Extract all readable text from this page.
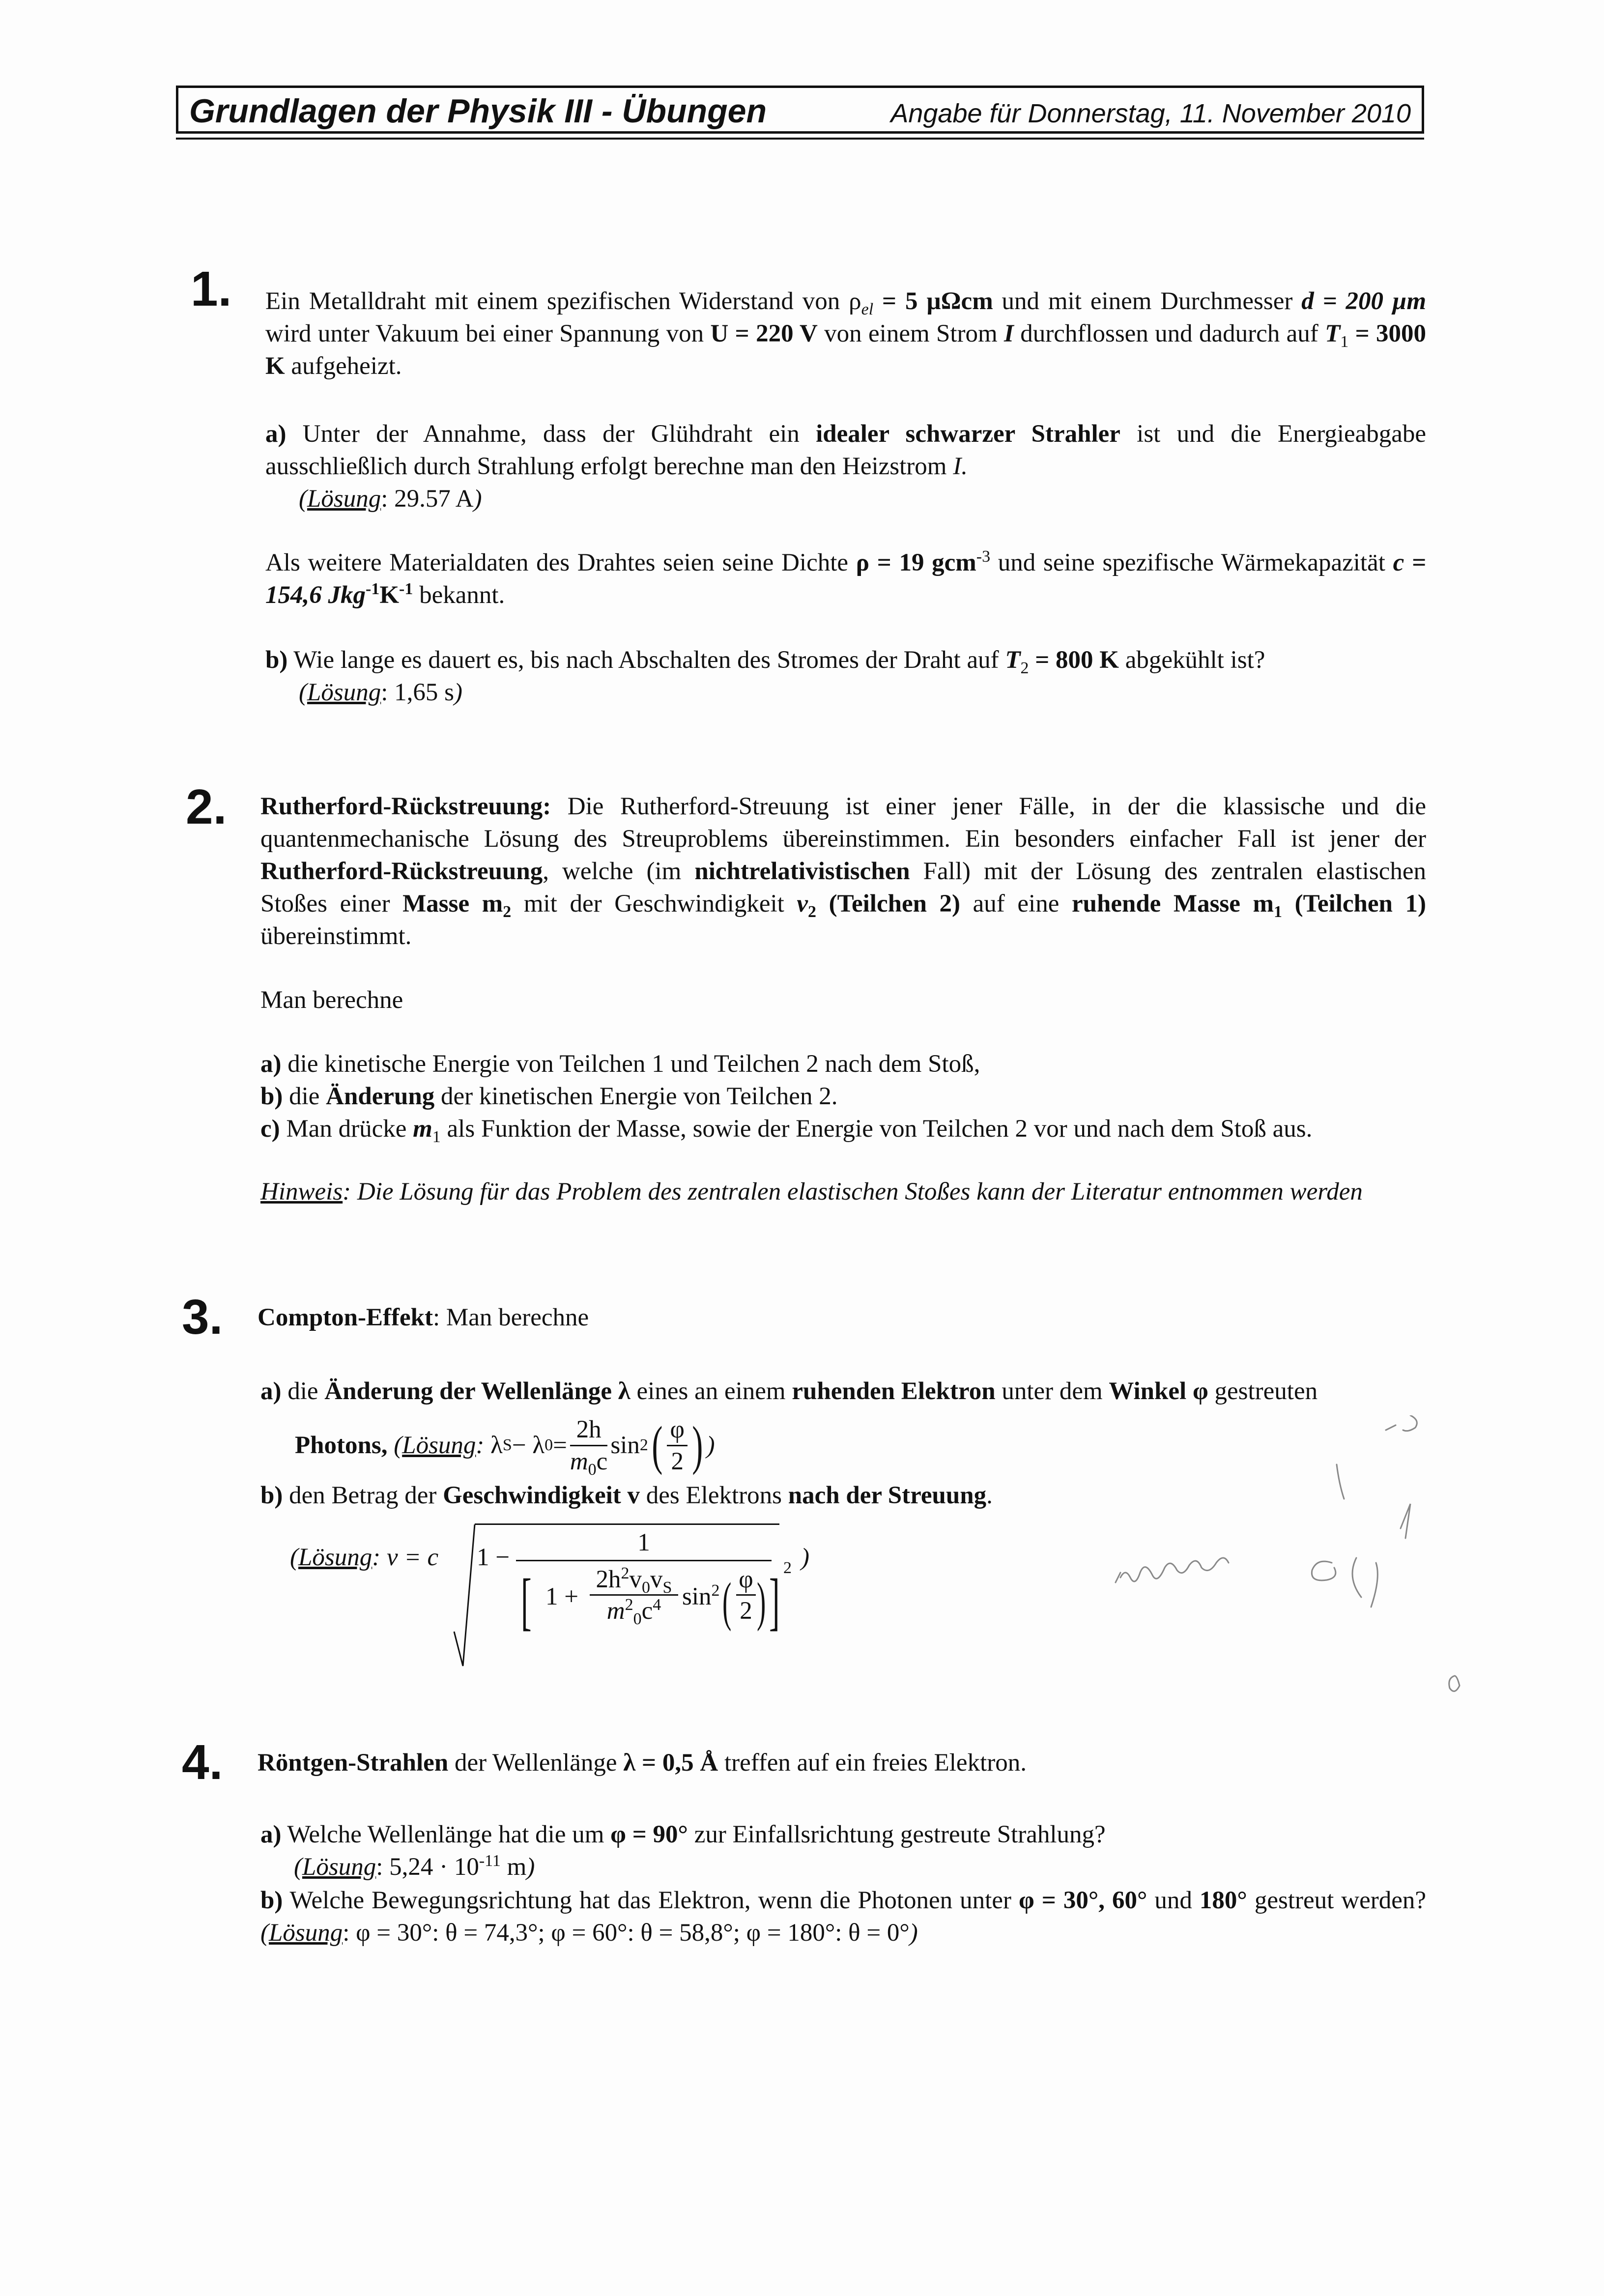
Grundlagen der Physik III - Übungen	Angabe für Donnerstag, 11. November 2010
1. Ein Metalldraht mit einem spezifischen Widerstand von $\rho_{el} = 5$ µΩcm und mit einem Durchmesser d = 200 µm wird unter Vakuum bei einer Spannung von U = 220 V von einem Strom I durchflossen und dadurch auf $T_1 = 3000$ K aufgeheizt.

a) Unter der Annahme, dass der Glühdraht ein idealer schwarzer Strahler ist und die Energieabgabe ausschließlich durch Strahlung erfolgt berechne man den Heizstrom I.

(Lösung: 29.57 A)

Als weitere Materialdaten des Drahtes seien seine Dichte ρ = 19 gcm$^{-3}$ und seine spezifische Wärmekapazität c = 154,6 $Jkg^{-1}K^{-1}$ bekannt.

b) Wie lange es dauert es, bis nach Abschalten des Stromes der Draht auf $T_2 = 800$ K abgekühlt ist?

(Lösung: 1,65 s)

2. Rutherford-Rückstreuung: Die Rutherford-Streuung ist einer jener Fälle, in der die klassische und die quantenmechanische Lösung des Streuproblems übereinstimmen. Ein besonders einfacher Fall ist jener der Rutherford-Rückstreuung, welche (im nichtrelativistischen Fall) mit der Lösung des zentralen elastischen Stoßes einer Masse $m_2$ mit der Geschwindigkeit $v_2$ (Teilchen 2) auf eine ruhende Masse $m_1$ (Teilchen 1) übereinstimmt.

Man berechne

a) die kinetische Energie von Teilchen 1 und Teilchen 2 nach dem Stoß,

b) die Änderung der kinetischen Energie von Teilchen 2.

c) Man drücke $m_1$ als Funktion der Masse, sowie der Energie von Teilchen 2 vor und nach dem Stoß aus.

Hinweis: Die Lösung für das Problem des zentralen elastischen Stoßes kann der Literatur entnommen werden

3. Compton-Effekt: Man berechne

a) die Änderung der Wellenlänge λ eines an einem ruhenden Elektron unter dem Winkel φ gestreuten

Photons,
( Lösung :
λ S − λ $0 = \frac{2h}{m_0c}$ sin 2 ( $\frac{\varphi}{2}$ ) )

b) den Betrag der Geschwindigkeit v des Elektrons nach der Streuung.

(Lösung: v = c 1 −
1
[ 1 +
$2h^2v_0v_S$
$m^2_0c^4$ $\sin^2$ ( φ
2 ) ] 2 )
4. Röntgen-Strahlen der Wellenlänge λ = 0,5 Å treffen auf ein freies Elektron.

a) Welche Wellenlänge hat die um φ = 90° zur Einfallsrichtung gestreute Strahlung?

(Lösung: $5,24 \cdot 10^{-11}$ m)

b) Welche Bewegungsrichtung hat das Elektron, wenn die Photonen unter φ = 30°, 60° und 180° gestreut werden? (Lösung: φ = 30°: θ = 74,3°; φ = 60°: θ = 58,8°; φ = 180°: θ = 0°)
